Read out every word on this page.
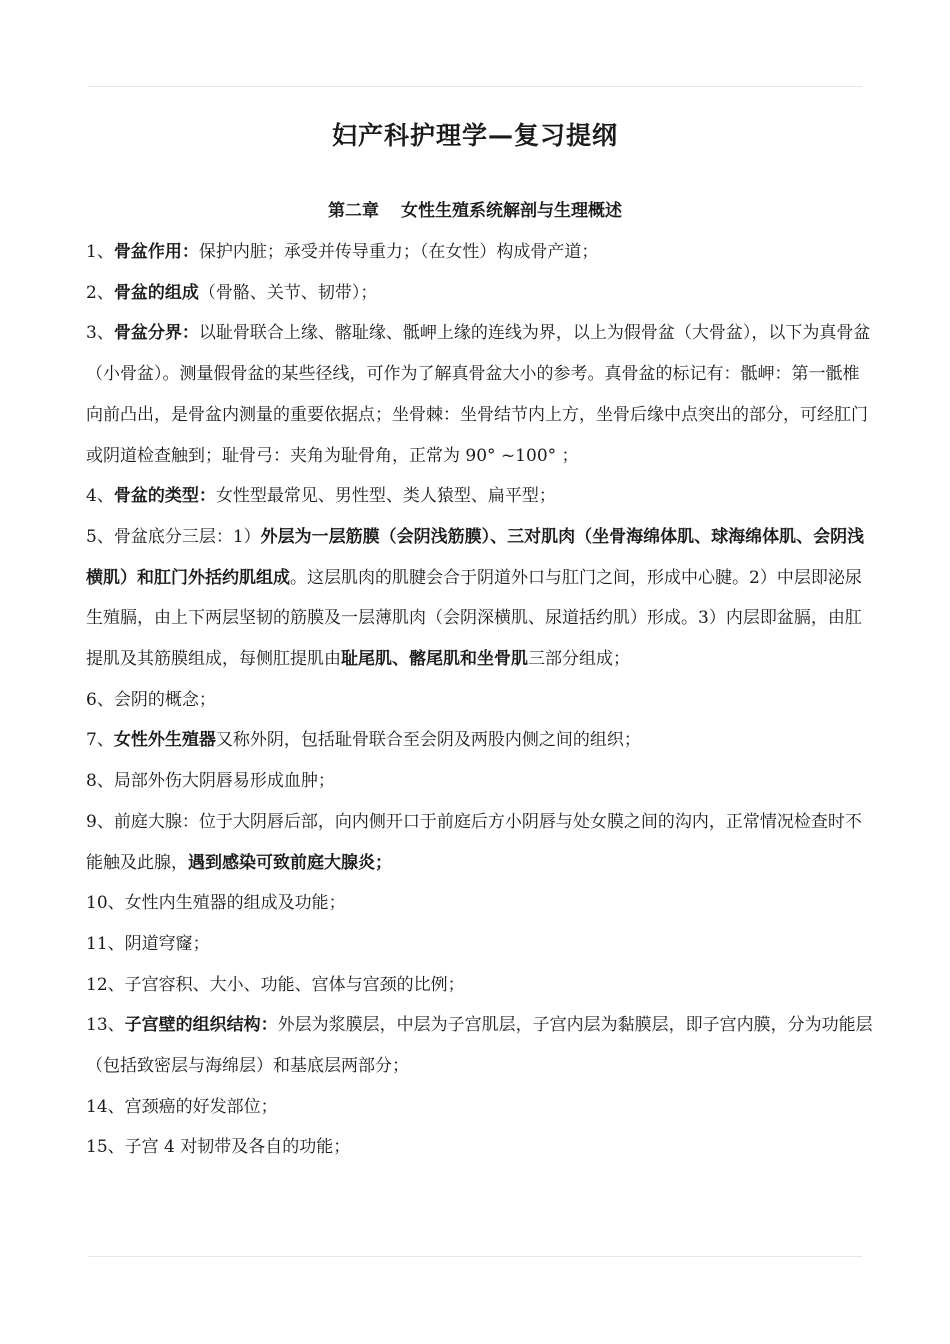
妇产科护理学—复习提纲
第二章 女性生殖系统解剖与生理概述

1、骨盆作用：保护内脏；承受并传导重力；（在女性）构成骨产道；

2、骨盆的组成（骨骼、关节、韧带）；

3、骨盆分界：以耻骨联合上缘、髂耻缘、骶岬上缘的连线为界，以上为假骨盆（大骨盆），以下为真骨盆（小骨盆）。测量假骨盆的某些径线，可作为了解真骨盆大小的参考。真骨盆的标记有：骶岬：第一骶椎向前凸出，是骨盆内测量的重要依据点；坐骨棘：坐骨结节内上方，坐骨后缘中点突出的部分，可经肛门或阴道检查触到；耻骨弓：夹角为耻骨角，正常为 90° ~100° ；

4、骨盆的类型：女性型最常见、男性型、类人猿型、扁平型；

5、骨盆底分三层：1）外层为一层筋膜（会阴浅筋膜）、三对肌肉（坐骨海绵体肌、球海绵体肌、会阴浅横肌）和肛门外括约肌组成。这层肌肉的肌腱会合于阴道外口与肛门之间，形成中心腱。2）中层即泌尿生殖膈，由上下两层坚韧的筋膜及一层薄肌肉（会阴深横肌、尿道括约肌）形成。3）内层即盆膈，由肛提肌及其筋膜组成，每侧肛提肌由耻尾肌、髂尾肌和坐骨肌三部分组成；

6、会阴的概念；

7、女性外生殖器又称外阴，包括耻骨联合至会阴及两股内侧之间的组织；

8、局部外伤大阴唇易形成血肿；

9、前庭大腺：位于大阴唇后部，向内侧开口于前庭后方小阴唇与处女膜之间的沟内，正常情况检查时不能触及此腺，遇到感染可致前庭大腺炎；

10、女性内生殖器的组成及功能；

11、阴道穹窿；

12、子宫容积、大小、功能、宫体与宫颈的比例；

13、子宫壁的组织结构：外层为浆膜层，中层为子宫肌层，子宫内层为黏膜层，即子宫内膜，分为功能层（包括致密层与海绵层）和基底层两部分；

14、宫颈癌的好发部位；

15、子宫 4 对韧带及各自的功能；
